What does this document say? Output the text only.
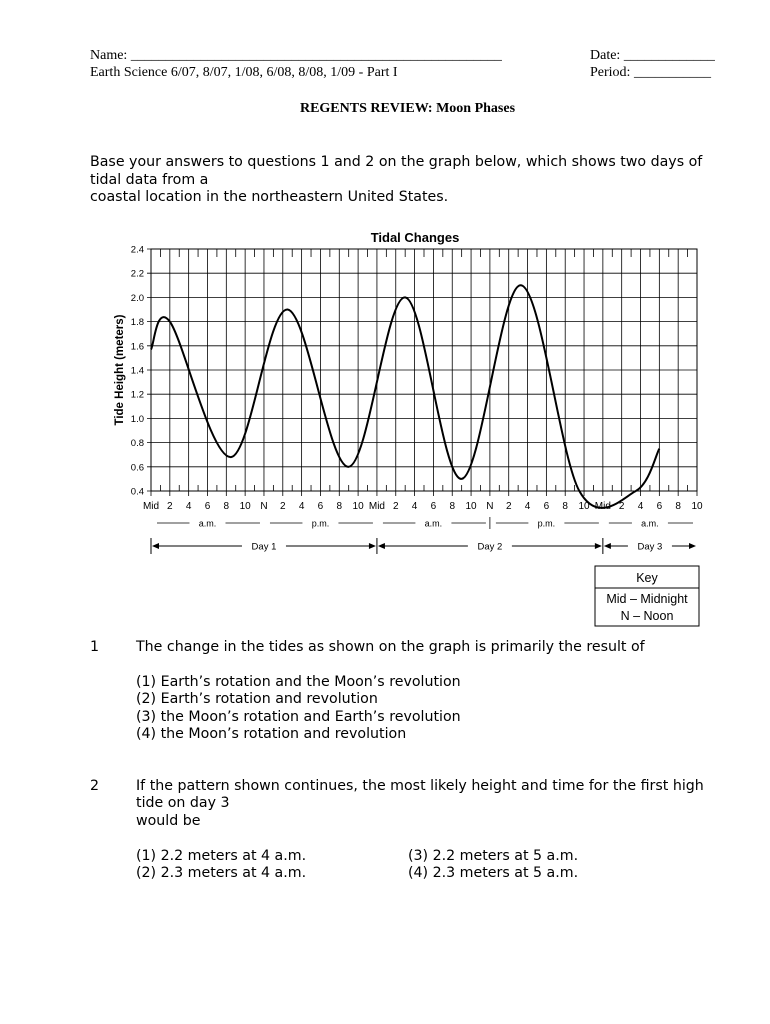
Name: _____________________________________________________	Date: _____________
Earth Science 6/07, 8/07, 1/08, 6/08, 8/08, 1/09 - Part I	Period: ___________
REGENTS REVIEW: Moon Phases
Base your answers to questions 1 and 2 on the graph below, which shows two days of
tidal data from a
coastal location in the northeastern United States.
Tidal Changes
Tide Height (meters)
0.4
0.6
0.8
1.0
1.2
1.4
1.6
1.8
2.0
2.2
2.4
Mid 2 4 6 8 10 N 2 4 6 8 10 Mid 2 4 6 8 10 N 2 4 6 8 10 Mid 2 4 6 8 10
a.m.	p.m.	a.m.	p.m.	a.m.
Day 1	Day 2	Day 3
Key
Mid – Midnight
N – Noon
1	The change in the tides as shown on the graph is primarily the result of
(1) Earth’s rotation and the Moon’s revolution
(2) Earth’s rotation and revolution
(3) the Moon’s rotation and Earth’s revolution
(4) the Moon’s rotation and revolution
2	If the pattern shown continues, the most likely height and time for the first high
tide on day 3
would be
(1) 2.2 meters at 4 a.m.
(2) 2.3 meters at 4 a.m.
(3) 2.2 meters at 5 a.m.
(4) 2.3 meters at 5 a.m.
